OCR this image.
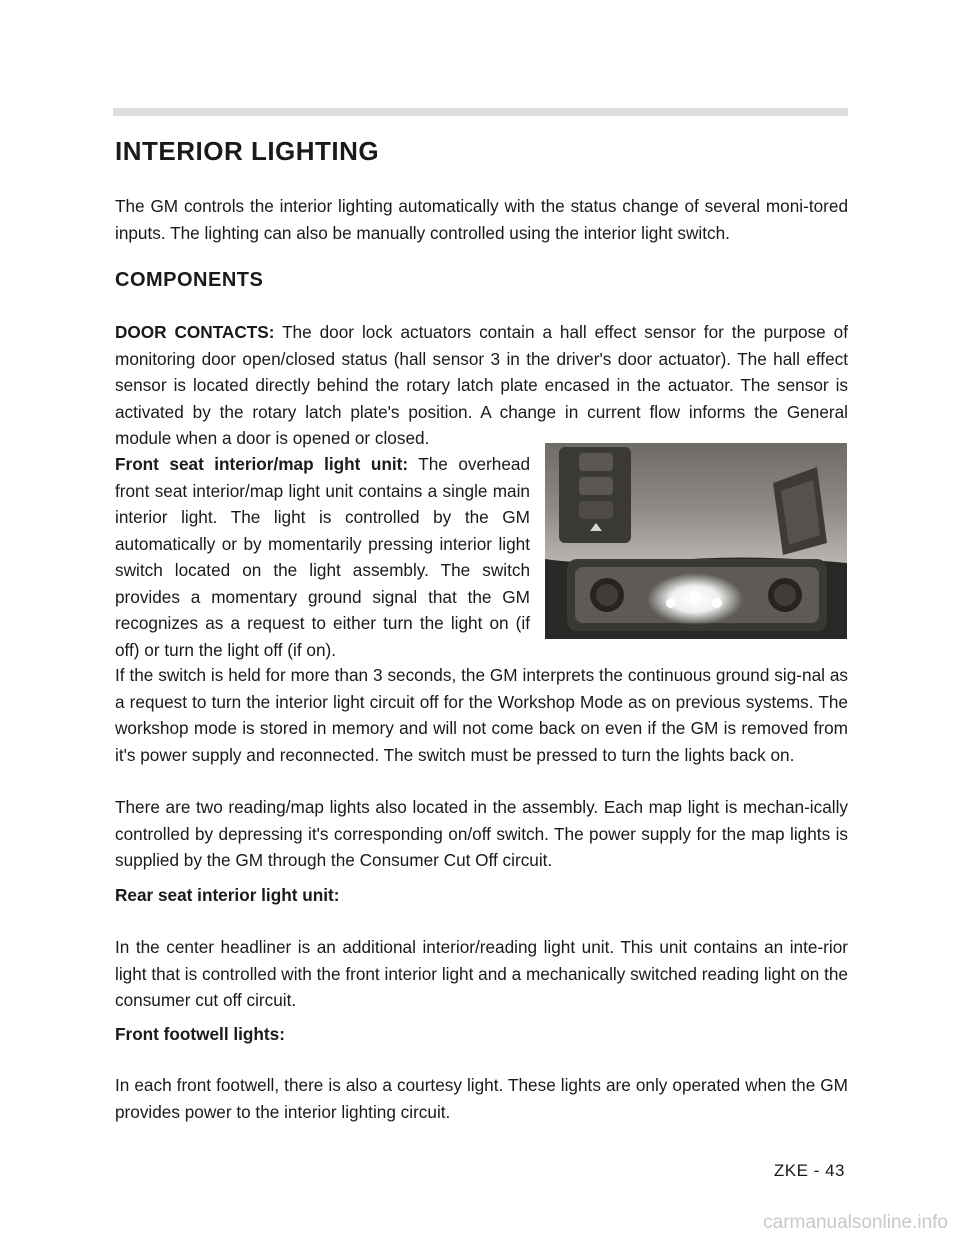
INTERIOR LIGHTING

The GM controls the interior lighting automatically with the status change of several moni-tored inputs. The lighting can also be manually controlled using the interior light switch.

COMPONENTS

DOOR CONTACTS: The door lock actuators contain a hall effect sensor for the purpose of monitoring door open/closed status (hall sensor 3 in the driver's door actuator). The hall effect sensor is located directly behind the rotary latch plate encased in the actuator. The sensor is activated by the rotary latch plate's position. A change in current flow informs the General module when a door is opened or closed.

Front seat interior/map light unit: The overhead front seat interior/map light unit contains a single main interior light. The light is controlled by the GM automatically or by momentarily pressing interior light switch located on the light assembly. The switch provides a momentary ground signal that the GM recognizes as a request to either turn the light on (if off) or turn the light off (if on).

If the switch is held for more than 3 seconds, the GM interprets the continuous ground sig-nal as a request to turn the interior light circuit off for the Workshop Mode as on previous systems. The workshop mode is stored in memory and will not come back on even if the GM is removed from it's power supply and reconnected. The switch must be pressed to turn the lights back on.

There are two reading/map lights also located in the assembly. Each map light is mechan-ically controlled by depressing it's corresponding on/off switch. The power supply for the map lights is supplied by the GM through the Consumer Cut Off circuit.

Rear seat interior light unit:

In the center headliner is an additional interior/reading light unit. This unit contains an inte-rior light that is controlled with the front interior light and a mechanically switched reading light on the consumer cut off circuit.

Front footwell lights:

In each front footwell, there is also a courtesy light. These lights are only operated when the GM provides power to the interior lighting circuit.

ZKE - 43
carmanualsonline.info
